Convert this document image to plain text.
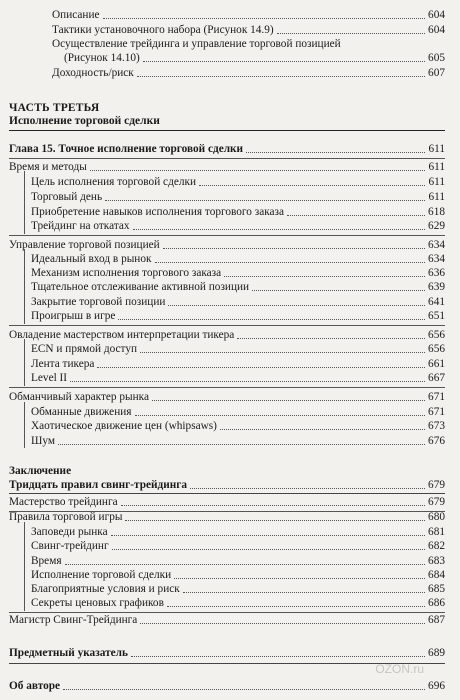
Описание	604
Тактики установочного набора (Рисунок 14.9)	604
Осуществление трейдинга и управление торговой позицией
(Рисунок 14.10)	605
Доходность/риск	607
ЧАСТЬ ТРЕТЬЯ
Исполнение торговой сделки
Глава 15. Точное исполнение торговой сделки	611
Время и методы	611
Цель исполнения торговой сделки	611
Торговый день	611
Приобретение навыков исполнения торгового заказа	618
Трейдинг на откатах	629
Управление торговой позицией	634
Идеальный вход в рынок	634
Механизм исполнения торгового заказа	636
Тщательное отслеживание активной позиции	639
Закрытие торговой позиции	641
Проигрыш в игре	651
Овладение мастерством интерпретации тикера	656
ECN и прямой доступ	656
Лента тикера	661
Level II	667
Обманчивый характер рынка	671
Обманные движения	671
Хаотическое движение цен (whipsaws)	673
Шум	676
Заключение
Тридцать правил свинг-трейдинга	679
Мастерство трейдинга	679
Правила торговой игры	680
Заповеди рынка	681
Свинг-трейдинг	682
Время	683
Исполнение торговой сделки	684
Благоприятные условия и риск	685
Секреты ценовых графиков	686
Магистр Свинг-Трейдинга	687
Предметный указатель	689
Об авторе	696
OZON.ru
